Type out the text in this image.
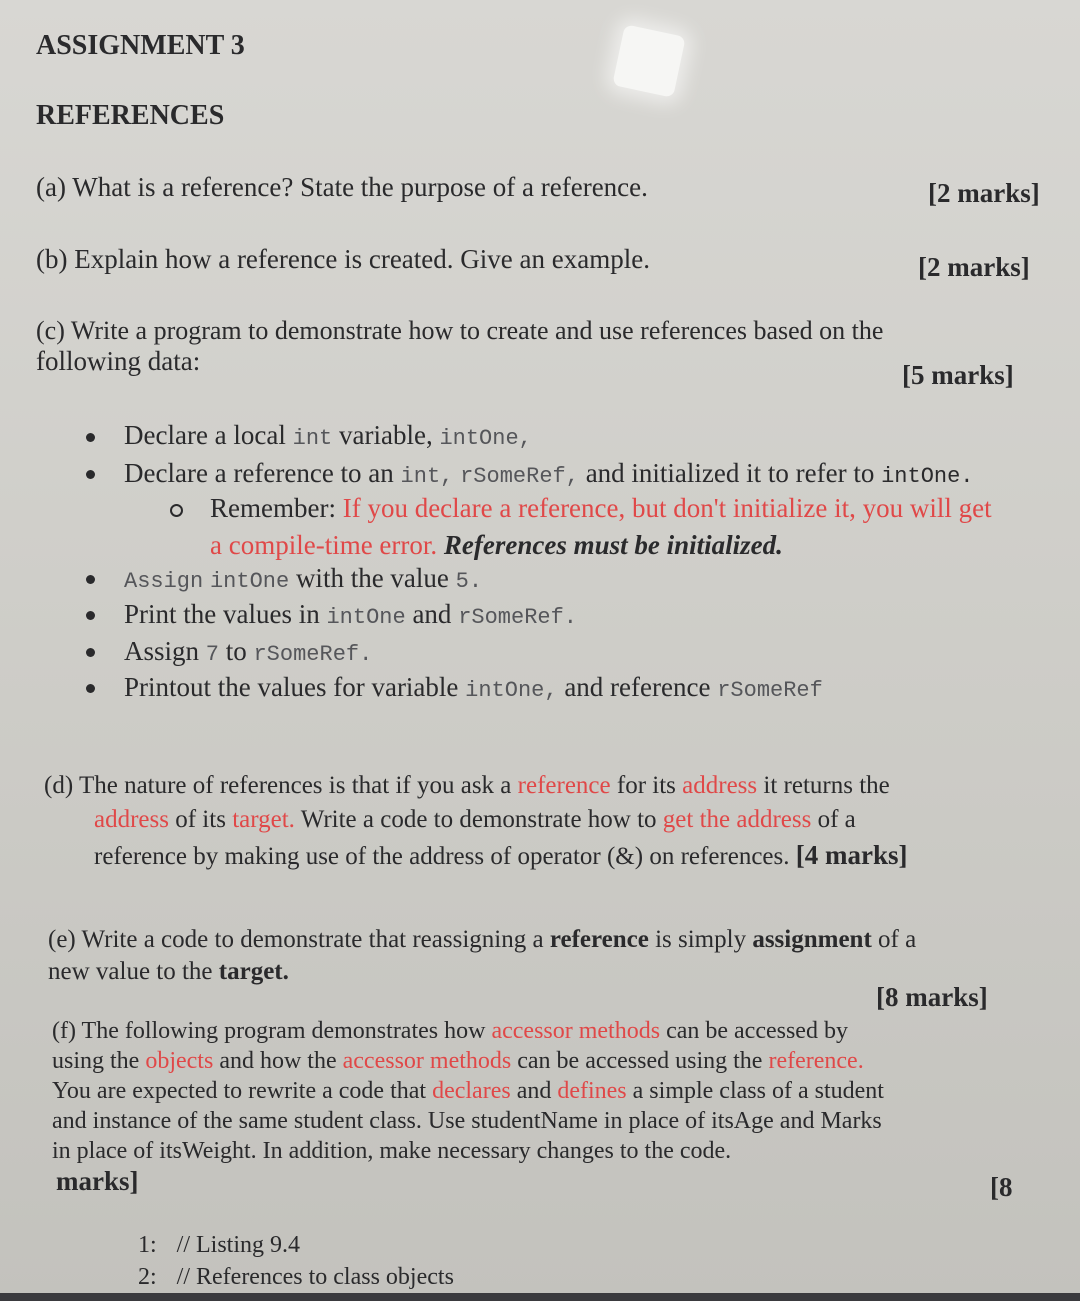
ASSIGNMENT 3
REFERENCES
(a) What is a reference? State the purpose of a reference.	[2 marks]
(b) Explain how a reference is created. Give an example.	[2 marks]
(c) Write a program to demonstrate how to create and use references based on the
following data:	[5 marks]
Declare a local int variable, intOne,
Declare a reference to an int, rSomeRef, and initialized it to refer to intOne.
Remember: If you declare a reference, but don't initialize it, you will get
a compile-time error. References must be initialized.
Assign intOne with the value 5.
Print the values in intOne and rSomeRef.
Assign 7 to rSomeRef.
Printout the values for variable intOne, and reference rSomeRef
(d) The nature of references is that if you ask a reference for its address it returns the
address of its target. Write a code to demonstrate how to get the address of a
reference by making use of the address of operator (&) on references. [4 marks]
(e) Write a code to demonstrate that reassigning a reference is simply assignment of a
new value to the target.
[8 marks]
(f) The following program demonstrates how accessor methods can be accessed by
using the objects and how the accessor methods can be accessed using the reference.
You are expected to rewrite a code that declares and defines a simple class of a student
and instance of the same student class. Use studentName in place of itsAge and Marks
in place of itsWeight. In addition, make necessary changes to the code.
[8
marks]
1: // Listing 9.4
2: // References to class objects
